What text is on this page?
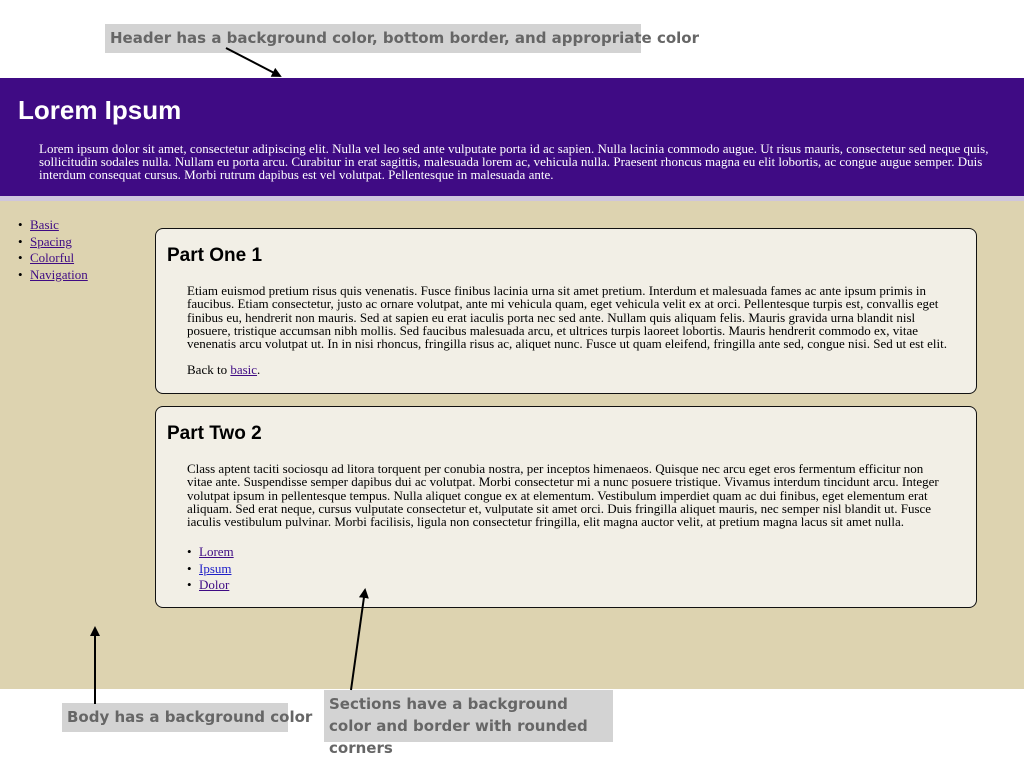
Header has a background color, bottom border, and appropriate color
Body has a background color
Sections have a background color and border with rounded corners
Lorem Ipsum

Lorem ipsum dolor sit amet, consectetur adipiscing elit. Nulla vel leo sed ante vulputate porta id ac sapien. Nulla lacinia commodo augue. Ut risus mauris, consectetur sed neque quis, sollicitudin sodales nulla. Nullam eu porta arcu. Curabitur in erat sagittis, malesuada lorem ac, vehicula nulla. Praesent rhoncus magna eu elit lobortis, ac congue augue semper. Duis interdum consequat cursus. Morbi rutrum dapibus est vel volutpat. Pellentesque in malesuada ante.

• Basic
• Spacing
• Colorful
• Navigation
Part One 1

Etiam euismod pretium risus quis venenatis. Fusce finibus lacinia urna sit amet pretium. Interdum et malesuada fames ac ante ipsum primis in faucibus. Etiam consectetur, justo ac ornare volutpat, ante mi vehicula quam, eget vehicula velit ex at orci. Pellentesque turpis est, convallis eget finibus eu, hendrerit non mauris. Sed at sapien eu erat iaculis porta nec sed ante. Nullam quis aliquam felis. Mauris gravida urna blandit nisl posuere, tristique accumsan nibh mollis. Sed faucibus malesuada arcu, et ultrices turpis laoreet lobortis. Mauris hendrerit commodo ex, vitae venenatis arcu volutpat ut. In in nisi rhoncus, fringilla risus ac, aliquet nunc. Fusce ut quam eleifend, fringilla ante sed, congue nisi. Sed ut est elit.

Back to basic.

Part Two 2

Class aptent taciti sociosqu ad litora torquent per conubia nostra, per inceptos himenaeos. Quisque nec arcu eget eros fermentum efficitur non vitae ante. Suspendisse semper dapibus dui ac volutpat. Morbi consectetur mi a nunc posuere tristique. Vivamus interdum tincidunt arcu. Integer volutpat ipsum in pellentesque tempus. Nulla aliquet congue ex at elementum. Vestibulum imperdiet quam ac dui finibus, eget elementum erat aliquam. Sed erat neque, cursus vulputate consectetur et, vulputate sit amet orci. Duis fringilla aliquet mauris, nec semper nisl blandit ut. Fusce iaculis vestibulum pulvinar. Morbi facilisis, ligula non consectetur fringilla, elit magna auctor velit, at pretium magna lacus sit amet nulla.

• Lorem
• Ipsum
• Dolor
